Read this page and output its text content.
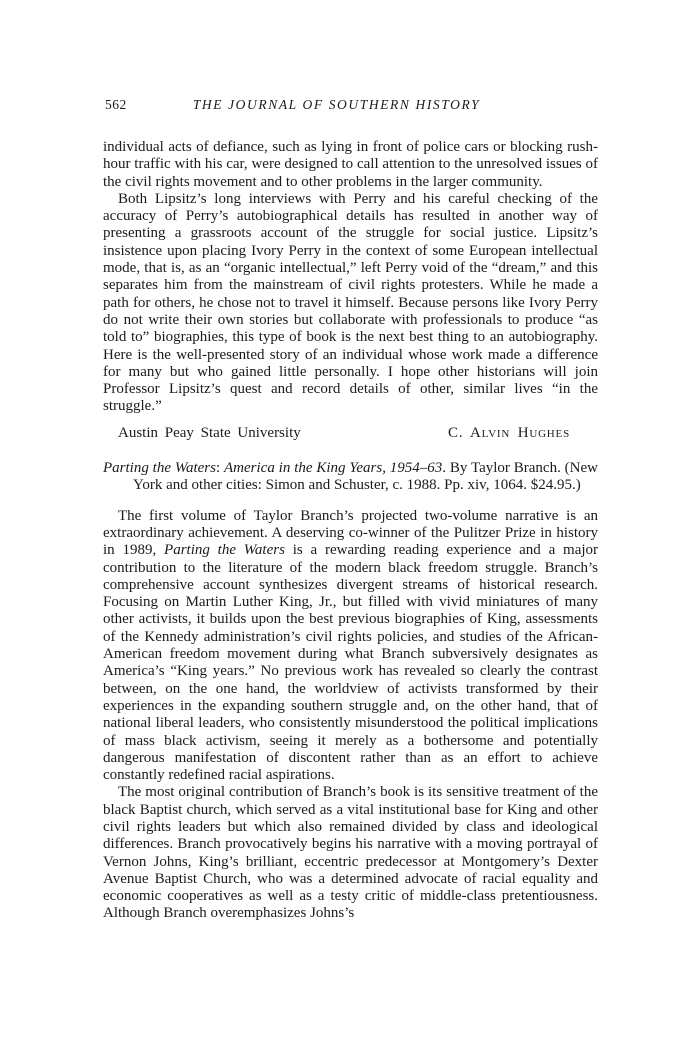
562	THE JOURNAL OF SOUTHERN HISTORY

individual acts of defiance, such as lying in front of police cars or blocking rush-hour traffic with his car, were designed to call attention to the unresolved issues of the civil rights movement and to other problems in the larger community.

Both Lipsitz’s long interviews with Perry and his careful checking of the accuracy of Perry’s autobiographical details has resulted in another way of presenting a grassroots account of the struggle for social justice. Lipsitz’s insistence upon placing Ivory Perry in the context of some European intellectual mode, that is, as an “organic intellectual,” left Perry void of the “dream,” and this separates him from the mainstream of civil rights protesters. While he made a path for others, he chose not to travel it himself. Because persons like Ivory Perry do not write their own stories but collaborate with professionals to produce “as told to” biographies, this type of book is the next best thing to an autobiography. Here is the well-presented story of an individual whose work made a difference for many but who gained little personally. I hope other historians will join Professor Lipsitz’s quest and record details of other, similar lives “in the struggle.”

Austin Peay State University	C. Alvin Hughes

Parting the Waters: America in the King Years, 1954–63. By Taylor Branch. (New York and other cities: Simon and Schuster, c. 1988. Pp. xiv, 1064. $24.95.)

The first volume of Taylor Branch’s projected two-volume narrative is an extraordinary achievement. A deserving co-winner of the Pulitzer Prize in history in 1989, Parting the Waters is a rewarding reading experience and a major contribution to the literature of the modern black freedom struggle. Branch’s comprehensive account synthesizes divergent streams of historical research. Focusing on Martin Luther King, Jr., but filled with vivid miniatures of many other activists, it builds upon the best previous biographies of King, assessments of the Kennedy administration’s civil rights policies, and studies of the African-American freedom movement during what Branch subversively designates as America’s “King years.” No previous work has revealed so clearly the contrast between, on the one hand, the worldview of activists transformed by their experiences in the expanding southern struggle and, on the other hand, that of national liberal leaders, who consistently misunderstood the political implications of mass black activism, seeing it merely as a bothersome and potentially dangerous manifestation of discontent rather than as an effort to achieve constantly redefined racial aspirations.

The most original contribution of Branch’s book is its sensitive treatment of the black Baptist church, which served as a vital institutional base for King and other civil rights leaders but which also remained divided by class and ideological differences. Branch provocatively begins his narrative with a moving portrayal of Vernon Johns, King’s brilliant, eccentric predecessor at Montgomery’s Dexter Avenue Baptist Church, who was a determined advocate of racial equality and economic cooperatives as well as a testy critic of middle-class pretentiousness. Although Branch overemphasizes Johns’s
